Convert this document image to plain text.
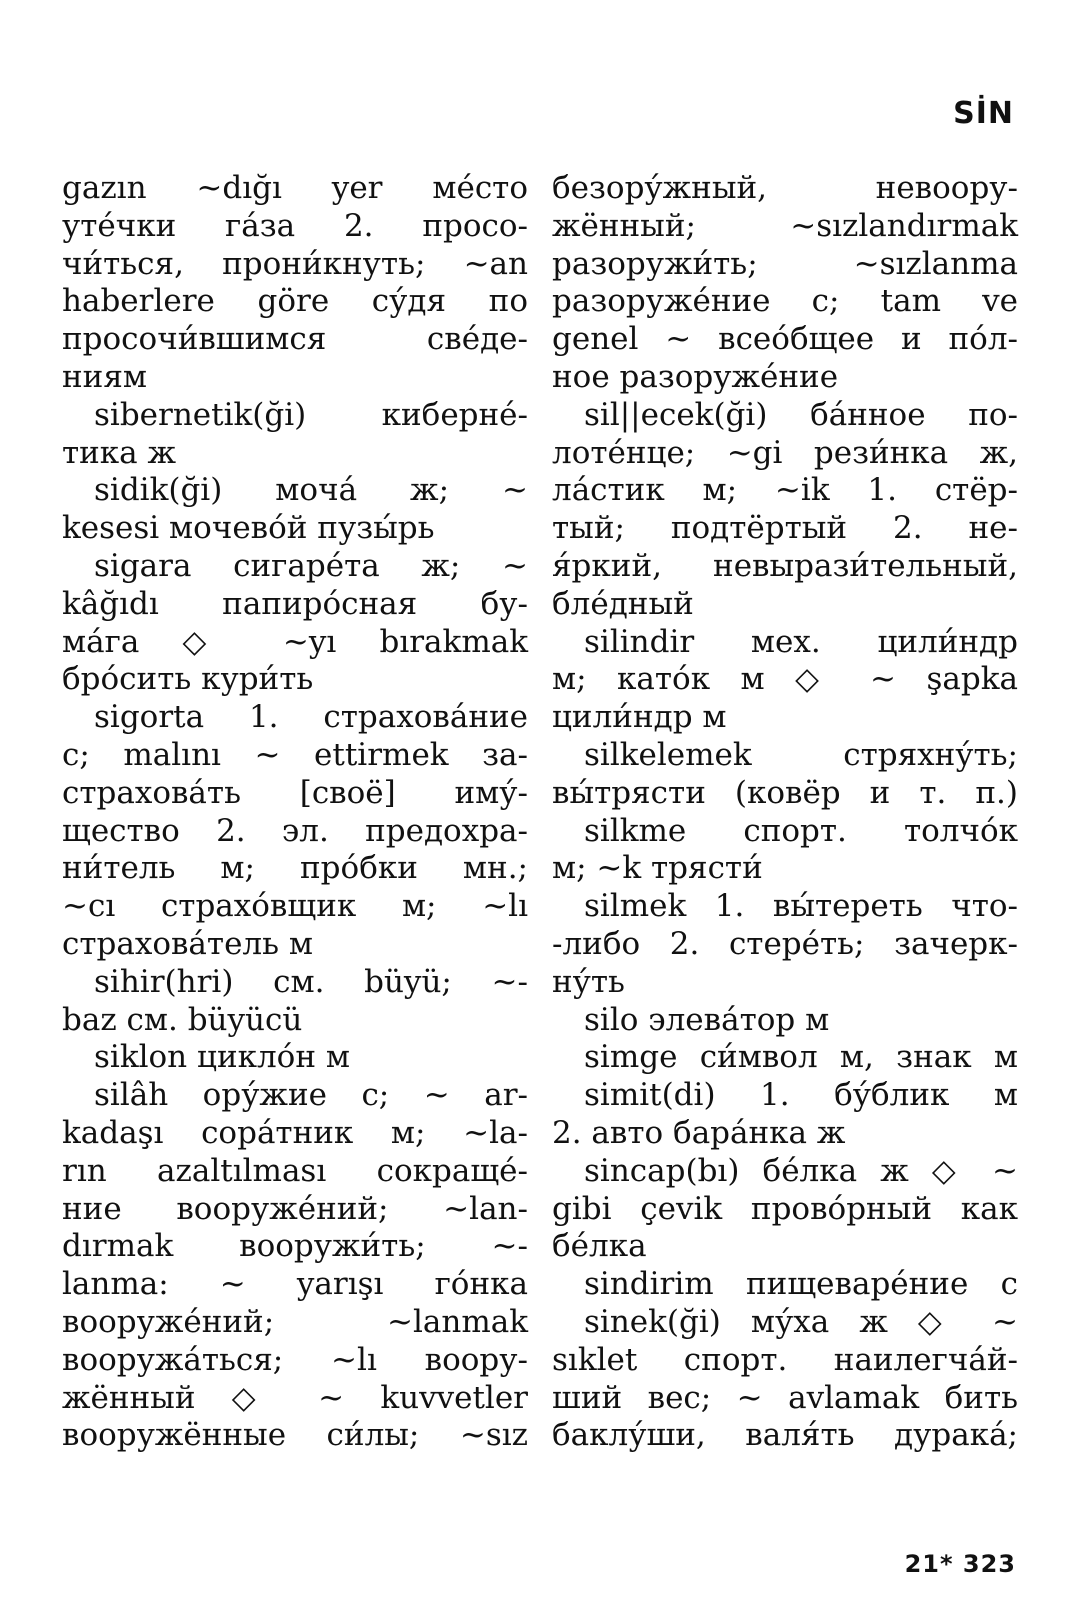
SİN
gazın ~dığı yer ме́сто
уте́чки га́за 2. просо-
чи́ться, прони́кнуть; ~an
haberlere göre су́дя по
просочи́вшимся све́де-
ниям
sibernetik(ği) киберне́-
тика ж
sidik(ği) моча́ ж; ~
kesesi мочево́й пузы́рь
sigara сигаре́та ж; ~
kâğıdı папиро́сная бу-
ма́га ◇ ~yı bırakmak
бро́сить кури́ть
sigorta 1. страхова́ние
с; malını ~ ettirmek за-
страхова́ть [своё] иму́-
щество 2. эл. предохра-
ни́тель м; про́бки мн.;
~cı страхо́вщик м; ~lı
страхова́тель м
sihir(hri) см. büyü; ~-
baz см. büyücü
siklon цикло́н м
silâh ору́жие с; ~ ar-
kadaşı сора́тник м; ~la-
rın azaltılması сокраще́-
ние вооруже́ний; ~lan-
dırmak вооружи́ть; ~-
lanma: ~ yarışı го́нка
вооруже́ний; ~lanmak
вооружа́ться; ~lı воору-
жённый ◇ ~ kuvvetler
вооружённые си́лы; ~sız
безору́жный, невоору-
жённый; ~sızlandırmak
разоружи́ть; ~sızlanma
разоруже́ние с; tam ve
genel ~ всео́бщее и по́л-
ное разоруже́ние
sil||ecek(ği) ба́нное по-
лоте́нце; ~gi рези́нка ж,
ла́стик м; ~ik 1. стёр-
тый; подтёртый 2. не-
я́ркий, невырази́тельный,
бле́дный
silindir мех. цили́ндр
м; като́к м ◇ ~ şapka
цили́ндр м
silkelemek стряхну́ть;
вы́трясти (ковёр и т. п.)
silkme спорт. толчо́к
м; ~k трясти́
silmek 1. вы́тереть что-
-либо 2. стере́ть; зачерк-
ну́ть
silo элева́тор м
simge си́мвол м, знак м
simit(di) 1. бу́блик м
2. авто бара́нка ж
sincap(bı) бе́лка ж ◇ ~
gibi çevik прово́рный как
бе́лка
sindirim пищеваре́ние с
sinek(ği) му́ха ж ◇ ~
sıklet спорт. наилегча́й-
ший вес; ~ avlamak бить
баклу́ши, валя́ть дурака́;
21* 323
